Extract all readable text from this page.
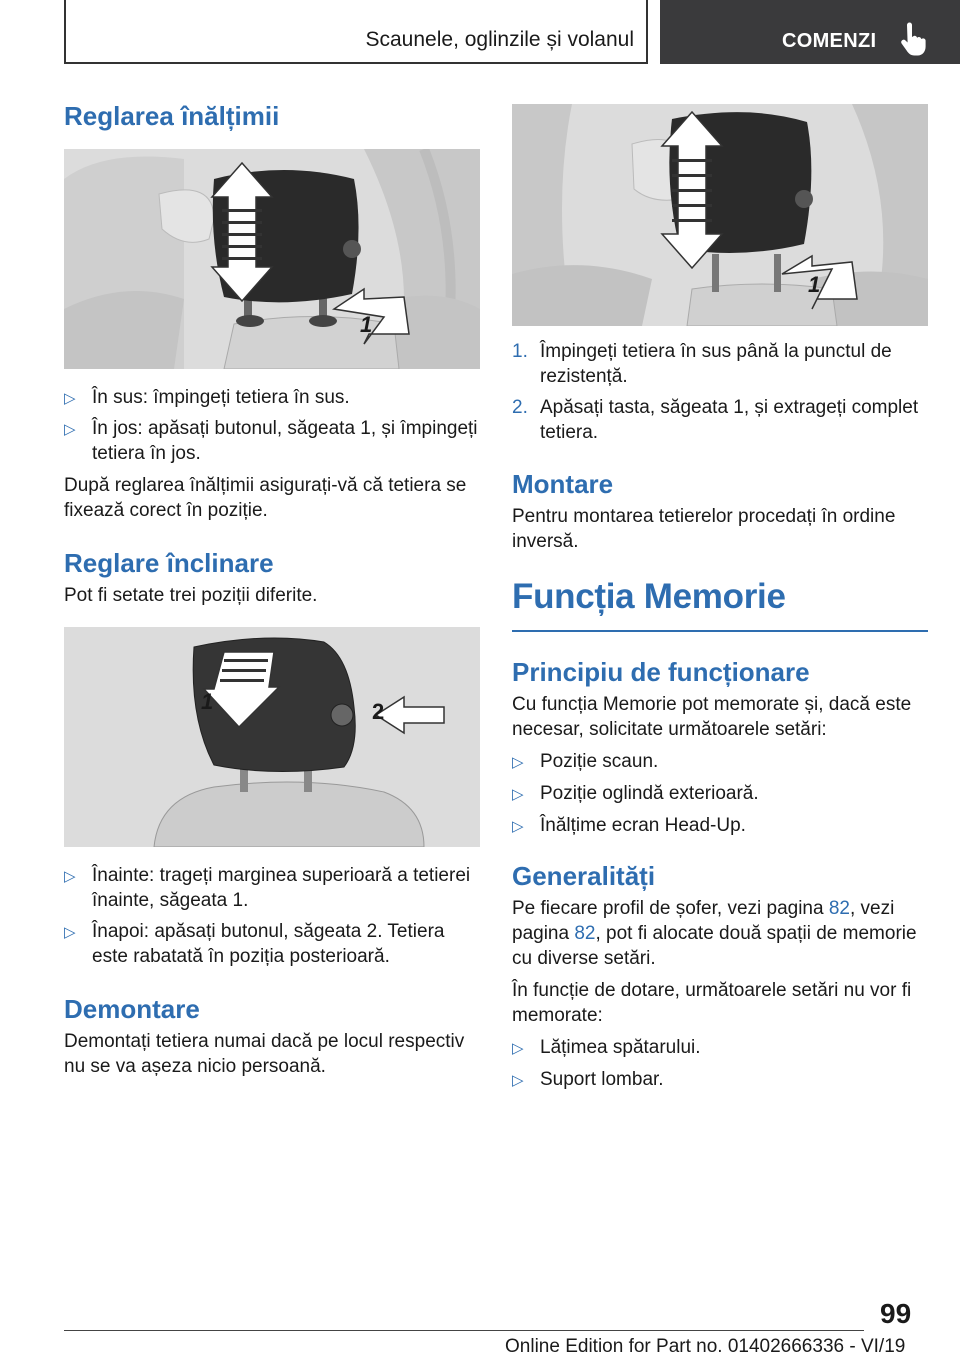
Scaunele, oglinzile și volanul	COMENZI
Reglarea înălțimii
1
▷ În sus: împingeți tetiera în sus.
▷ În jos: apăsați butonul, săgeata 1, și împingeți tetiera în jos.
După reglarea înălțimii asigurați-vă că tetiera se fixează corect în poziție.
Reglare înclinare
Pot fi setate trei poziții diferite.
1	2
▷ Înainte: trageți marginea superioară a tetierei înainte, săgeata 1.
▷ Înapoi: apăsați butonul, săgeata 2. Tetiera este rabatată în poziția posterioară.
Demontare
Demontați tetiera numai dacă pe locul respectiv nu se va așeza nicio persoană.
1
1. Împingeți tetiera în sus până la punctul de rezistență.
2. Apăsați tasta, săgeata 1, și extrageți complet tetiera.
Montare
Pentru montarea tetierelor procedați în ordine inversă.
Funcția Memorie
Principiu de funcționare
Cu funcția Memorie pot memorate și, dacă este necesar, solicitate următoarele setări:
▷ Poziție scaun.
▷ Poziție oglindă exterioară.
▷ Înălțime ecran Head-Up.
Generalități
Pe fiecare profil de șofer, vezi pagina 82, vezi pagina 82, pot fi alocate două spații de memorie cu diverse setări.
În funcție de dotare, următoarele setări nu vor fi memorate:
▷ Lățimea spătarului.
▷ Suport lombar.
99
Online Edition for Part no. 01402666336 - VI/19
